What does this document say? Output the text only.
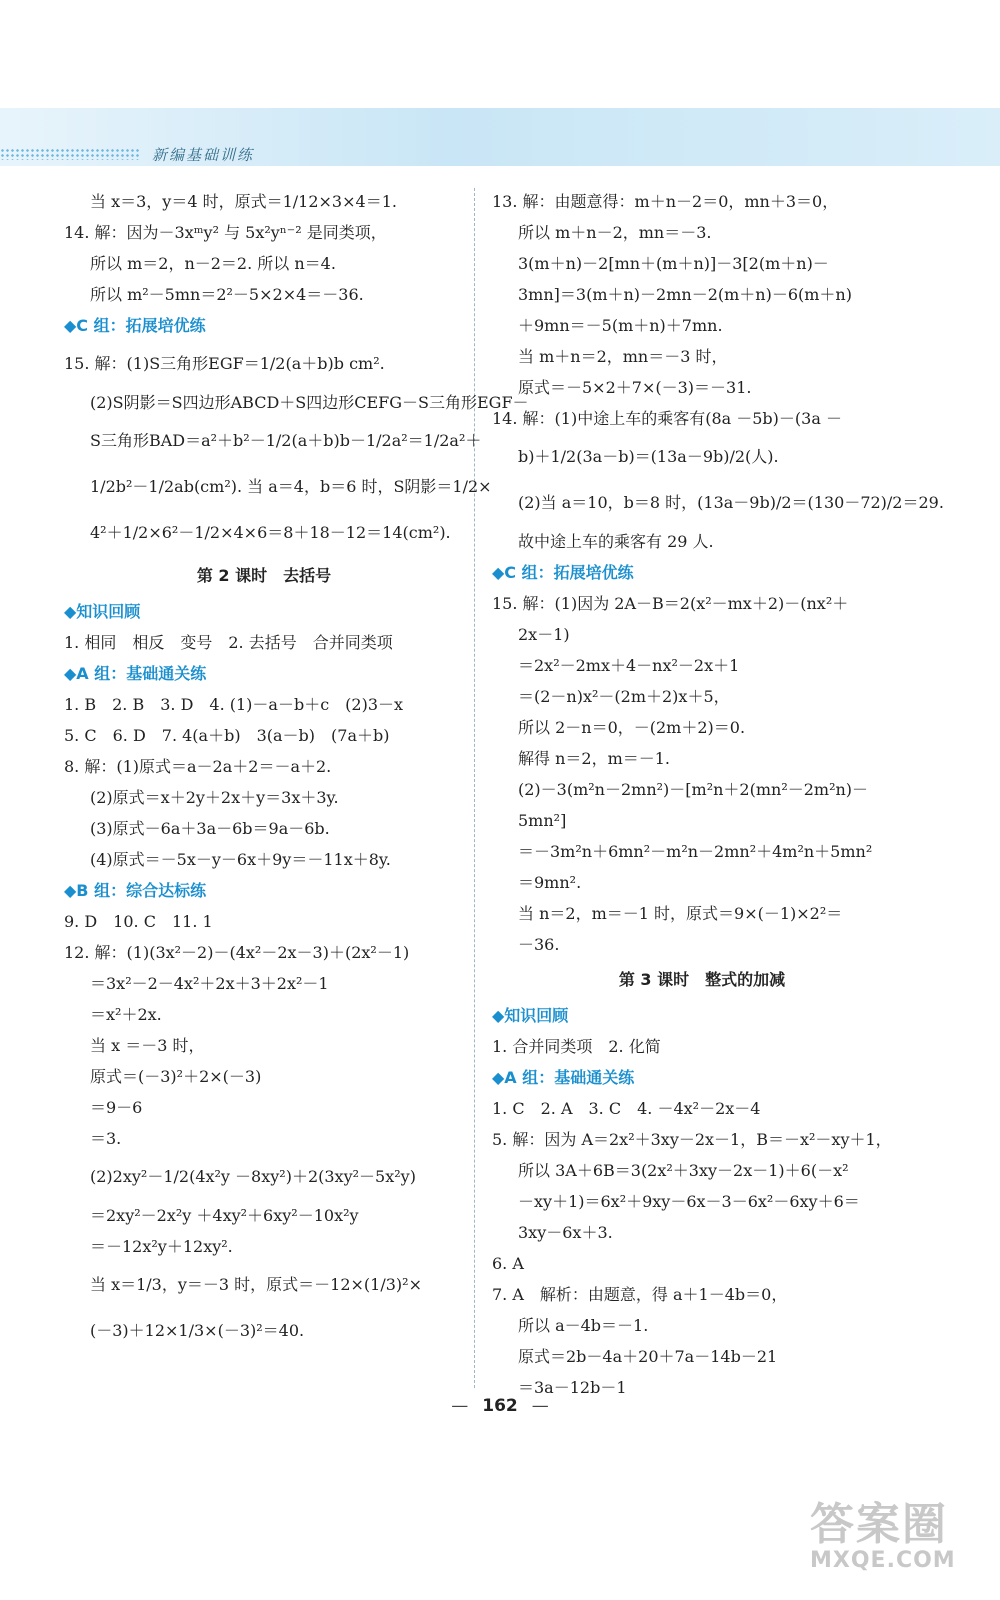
新编基础训练
当 x＝3，y＝4 时，原式＝1/12×3×4＝1.
14. 解：因为－3xᵐy² 与 5x²yⁿ⁻² 是同类项，
所以 m＝2，n－2＝2. 所以 n＝4.
所以 m²－5mn＝2²－5×2×4＝－36.
◆C 组：拓展培优练
15. 解：(1)S三角形EGF＝1/2(a＋b)b cm².
(2)S阴影＝S四边形ABCD＋S四边形CEFG－S三角形EGF－
S三角形BAD＝a²＋b²－1/2(a＋b)b－1/2a²＝1/2a²＋
1/2b²－1/2ab(cm²). 当 a＝4，b＝6 时，S阴影＝1/2×
4²＋1/2×6²－1/2×4×6＝8＋18－12＝14(cm²).
第 2 课时　去括号
◆知识回顾
1. 相同　相反　变号　2. 去括号　合并同类项
◆A 组：基础通关练
1. B　2. B　3. D　4. (1)－a－b＋c　(2)3－x
5. C　6. D　7. 4(a＋b)　3(a－b)　(7a＋b)
8. 解：(1)原式＝a－2a＋2＝－a＋2.
(2)原式＝x＋2y＋2x＋y＝3x＋3y.
(3)原式－6a＋3a－6b＝9a－6b.
(4)原式＝－5x－y－6x＋9y＝－11x＋8y.
◆B 组：综合达标练
9. D　10. C　11. 1
12. 解：(1)(3x²－2)－(4x²－2x－3)＋(2x²－1)
＝3x²－2－4x²＋2x＋3＋2x²－1
＝x²＋2x.
当 x ＝－3 时，
原式＝(－3)²＋2×(－3)
＝9－6
＝3.
(2)2xy²－1/2(4x²y －8xy²)＋2(3xy²－5x²y)
＝2xy²－2x²y ＋4xy²＋6xy²－10x²y
＝－12x²y＋12xy².
当 x＝1/3，y＝－3 时，原式＝－12×(1/3)²×
(－3)＋12×1/3×(－3)²＝40.
13. 解：由题意得：m＋n－2＝0，mn＋3＝0，
所以 m＋n－2，mn＝－3.
3(m＋n)－2[mn＋(m＋n)]－3[2(m＋n)－
3mn]＝3(m＋n)－2mn－2(m＋n)－6(m＋n)
＋9mn＝－5(m＋n)＋7mn.
当 m＋n＝2，mn＝－3 时，
原式＝－5×2＋7×(－3)＝－31.
14. 解：(1)中途上车的乘客有(8a －5b)－(3a －
b)＋1/2(3a－b)＝(13a－9b)/2(人).
(2)当 a＝10，b＝8 时，(13a－9b)/2＝(130－72)/2＝29.
故中途上车的乘客有 29 人.
◆C 组：拓展培优练
15. 解：(1)因为 2A－B＝2(x²－mx＋2)－(nx²＋
2x－1)
＝2x²－2mx＋4－nx²－2x＋1
＝(2－n)x²－(2m＋2)x＋5，
所以 2－n＝0，－(2m＋2)＝0.
解得 n＝2，m＝－1.
(2)－3(m²n－2mn²)－[m²n＋2(mn²－2m²n)－
5mn²]
＝－3m²n＋6mn²－m²n－2mn²＋4m²n＋5mn²
＝9mn².
当 n＝2，m＝－1 时，原式＝9×(－1)×2²＝
－36.
第 3 课时　整式的加减
◆知识回顾
1. 合并同类项　2. 化简
◆A 组：基础通关练
1. C　2. A　3. C　4. －4x²－2x－4
5. 解：因为 A＝2x²＋3xy－2x－1，B＝－x²－xy＋1，
所以 3A＋6B＝3(2x²＋3xy－2x－1)＋6(－x²
－xy＋1)＝6x²＋9xy－6x－3－6x²－6xy＋6＝
3xy－6x＋3.
6. A
7. A　解析：由题意，得 a＋1－4b＝0，
所以 a－4b＝－1.
原式＝2b－4a＋20＋7a－14b－21
＝3a－12b－1
— 162 —
答案圈
MXQE.COM
